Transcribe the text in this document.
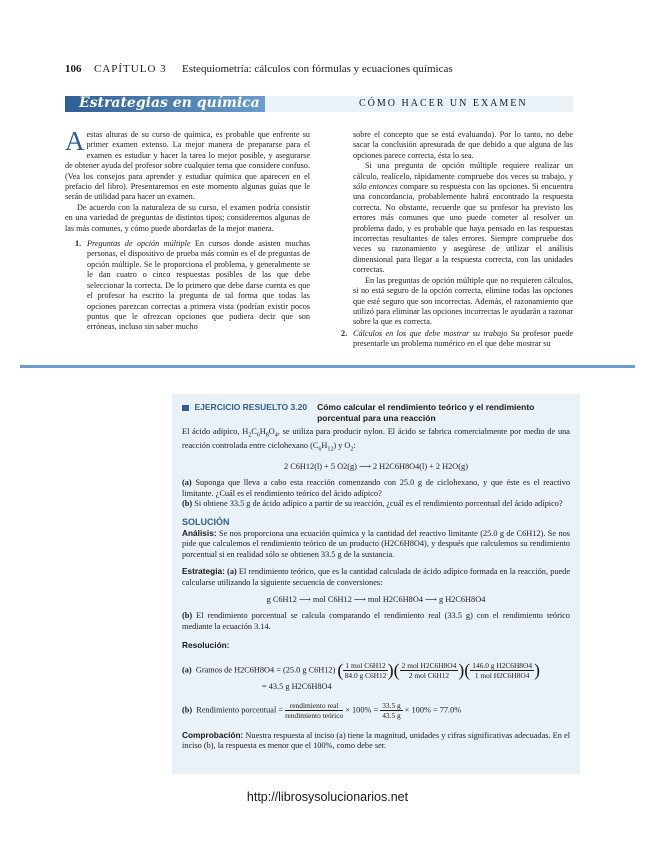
106 CAPÍTULO 3 Estequiometría: cálculos con fórmulas y ecuaciones químicas
Estrategias en química	CÓMO HACER UN EXAMEN

Aestas alturas de su curso de química, es probable que enfrente su primer examen extenso. La mejor manera de prepararse para el examen es estudiar y hacer la tarea lo mejor posible, y asegurarse de obtener ayuda del profesor sobre cualquier tema que considere confuso. (Vea los consejos para aprender y estudiar química que aparecen en el prefacio del libro). Presentaremos en este momento algunas guías que le serán de utilidad para hacer un examen.

De acuerdo con la naturaleza de su curso, el examen podría consistir en una variedad de preguntas de distintos tipos; consideremos algunas de las más comunes, y cómo puede abordarlas de la mejor manera.

1. Preguntas de opción múltiple En cursos donde asisten muchas personas, el dispositivo de prueba más común es el de preguntas de opción múltiple. Se le proporciona el problema, y generalmente se le dan cuatro o cinco respuestas posibles de las que debe seleccionar la correcta. De lo primero que debe darse cuenta es que el profesor ha escrito la pregunta de tal forma que todas las opciones parezcan correctas a primera vista (podrían existir pocos puntos que le ofrezcan opciones que pudiera decir que son erróneas, incluso sin saber mucho

sobre el concepto que se está evaluando). Por lo tanto, no debe sacar la conclusión apresurada de que debido a que alguna de las opciones parece correcta, ésta lo sea.

Si una pregunta de opción múltiple requiere realizar un cálculo, realícelo, rápidamente compruebe dos veces su trabajo, y sólo entonces compare su respuesta con las opciones. Si encuentra una concordancia, probablemente habrá encontrado la respuesta correcta. No obstante, recuerde que su profesor ha previsto los errores más comunes que uno puede cometer al resolver un problema dado, y es probable que haya pensado en las respuestas incorrectas resultantes de tales errores. Siempre compruebe dos veces su razonamiento y asegúrese de utilizar el análisis dimensional para llegar a la respuesta correcta, con las unidades correctas.

En las preguntas de opción múltiple que no requieren cálculos, si no está seguro de la opción correcta, elimine todas las opciones que esté seguro que son incorrectas. Además, el razonamiento que utilizó para eliminar las opciones incorrectas le ayudarán a razonar sobre la que es correcta.

2. Cálculos en los que debe mostrar su trabajo Su profesor puede presentarle un problema numérico en el que debe mostrar su
EJERCICIO RESUELTO 3.20 Cómo calcular el rendimiento teórico y el rendimiento porcentual para una reacción

El ácido adípico, $H_2C_6H_8O_4$, se utiliza para producir nylon. El ácido se fabrica comercialmente por medio de una reacción controlada entre ciclohexano $(C_6H_{12})$ y $O_2$:

2 C6H12(l) + 5 O2(g) ⟶ 2 H2C6H8O4(l) + 2 H2O(g)

(a) Suponga que lleva a cabo esta reacción comenzando con 25.0 g de ciclohexano, y que éste es el reactivo limitante. ¿Cuál es el rendimiento teórico del ácido adípico?

(b) Si obtiene 33.5 g de ácido adípico a partir de su reacción, ¿cuál es el rendimiento porcentual del ácido adípico?

SOLUCIÓN

Análisis: Se nos proporciona una ecuación química y la cantidad del reactivo limitante (25.0 g de C6H12). Se nos pide que calculemos el rendimiento teórico de un producto (H2C6H8O4), y después que calculemos su rendimiento porcentual si en realidad sólo se obtienen 33.5 g de la sustancia.

Estrategia: (a) El rendimiento teórico, que es la cantidad calculada de ácido adípico formada en la reacción, puede calcularse utilizando la siguiente secuencia de conversiones:

g C6H12 ⟶ mol C6H12 ⟶ mol H2C6H8O4 ⟶ g H2C6H8O4

(b) El rendimiento porcentual se calcula comparando el rendimiento real (33.5 g) con el rendimiento teórico mediante la ecuación 3.14.

Resolución:

(a) Gramos de H2C6H8O4 = (25.0 g C6H12) ( $\frac{\text{1 mol C6H12}}{\text{84.0 g C6H12}}$ )( $\frac{\text{2 mol H2C6H8O4}}{\text{2 mol C6H12}}$ )( $\frac{\text{146.0 g H2C6H8O4}}{\text{1 mol H2C6H8O4}}$ )
= 43.5 g H2C6H8O4
(b) Rendimiento porcentual = $\frac{\text{rendimiento real}}{\text{rendimiento teórico}} \times 100\% = \frac{33.5 g}{43.5 g} \times 100\% = 77.0\%$

Comprobación: Nuestra respuesta al inciso (a) tiene la magnitud, unidades y cifras significativas adecuadas. En el inciso (b), la respuesta es menor que el 100%, como debe ser.

http://librosysolucionarios.net
